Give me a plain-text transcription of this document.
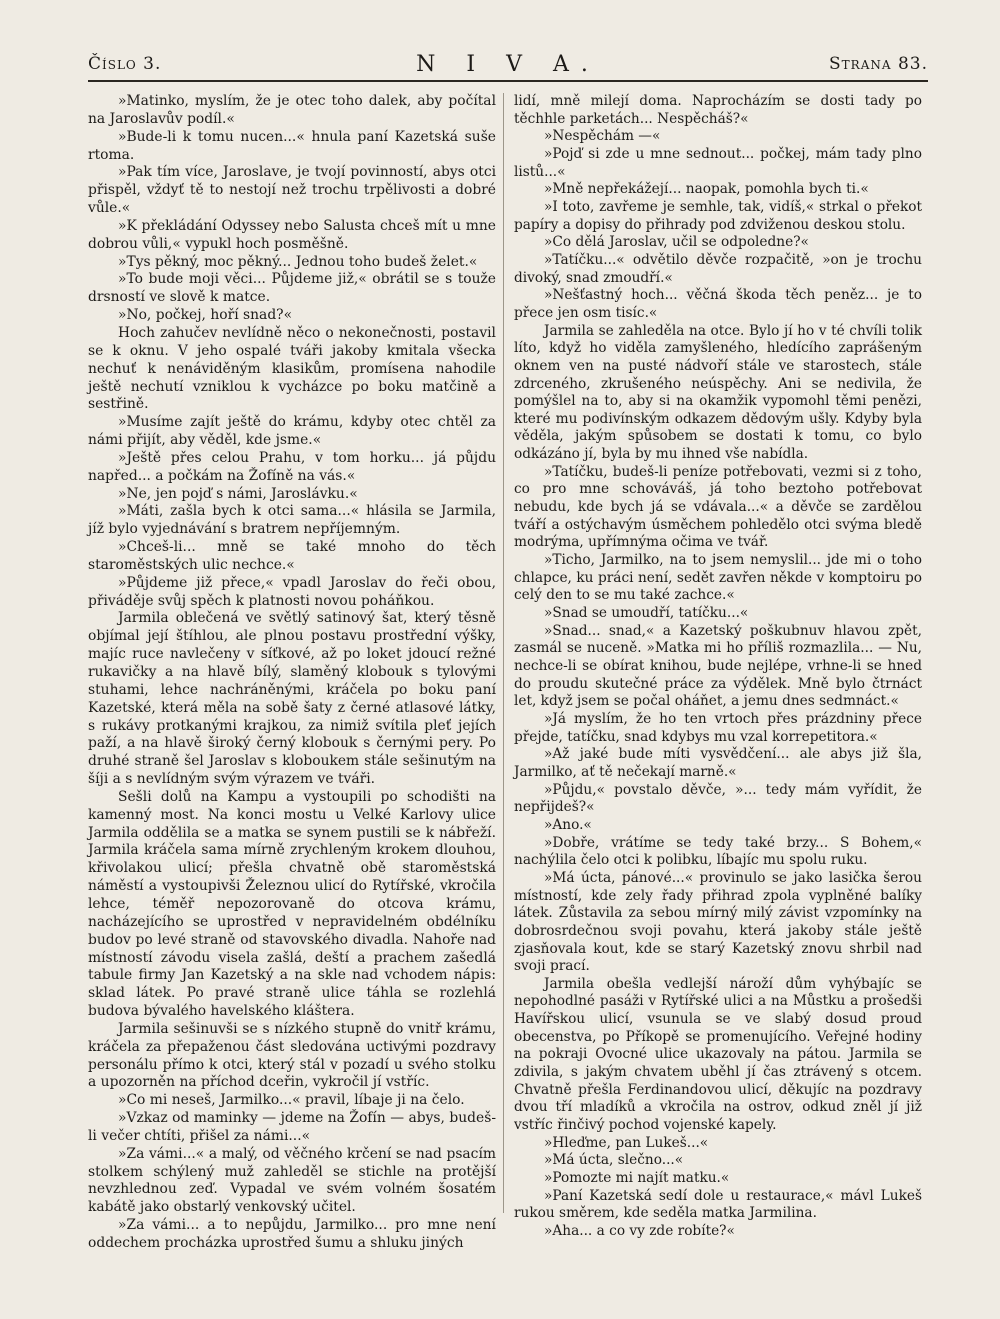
Číslo 3.	N I V A.	Strana 83.

»Matinko, myslím, že je otec toho dalek, aby počítal na Jaroslavův podíl.«

»Bude-li k tomu nucen...« hnula paní Kazetská suše rtoma.

»Pak tím více, Jaroslave, je tvojí povinností, abys otci přispěl, vždyť tě to nestojí než trochu trpělivosti a dobré vůle.«

»K překládání Odyssey nebo Salusta chceš mít u mne dobrou vůli,« vypukl hoch posměšně.

»Tys pěkný, moc pěkný... Jednou toho budeš želet.«

»To bude moji věci... Půjdeme již,« obrátil se s touže drsností ve slově k matce.

»No, počkej, hoří snad?«

Hoch zahučev nevlídně něco o nekonečnosti, postavil se k oknu. V jeho ospalé tváři jakoby kmitala všecka nechuť k nenáviděným klasikům, promísena nahodile ještě nechutí vzniklou k vycházce po boku matčině a sestřině.

»Musíme zajít ještě do krámu, kdyby otec chtěl za námi přijít, aby věděl, kde jsme.«

»Ještě přes celou Prahu, v tom horku... já půjdu napřed... a počkám na Žofíně na vás.«

»Ne, jen pojď s námi, Jaroslávku.«

»Máti, zašla bych k otci sama...« hlásila se Jarmila, jíž bylo vyjednávání s bratrem nepříjemným.

»Chceš-li... mně se také mnoho do těch staroměstských ulic nechce.«

»Půjdeme již přece,« vpadl Jaroslav do řeči obou, přiváděje svůj spěch k platnosti novou poháňkou.

Jarmila oblečená ve světlý satinový šat, který těsně objímal její štíhlou, ale plnou postavu prostřední výšky, majíc ruce navlečeny v síťkové, až po loket jdoucí režné rukavičky a na hlavě bílý, slaměný klobouk s tylovými stuhami, lehce nachráněnými, kráčela po boku paní Kazetské, která měla na sobě šaty z černé atlasové látky, s rukávy protkanými krajkou, za nimiž svítila pleť jejích paží, a na hlavě široký černý klobouk s černými pery. Po druhé straně šel Jaroslav s kloboukem stále sešinutým na šíji a s nevlídným svým výrazem ve tváři.

Sešli dolů na Kampu a vystoupili po schodišti na kamenný most. Na konci mostu u Velké Karlovy ulice Jarmila oddělila se a matka se synem pustili se k nábřeží. Jarmila kráčela sama mírně zrychleným krokem dlouhou, křivolakou ulicí; přešla chvatně obě staroměstská náměstí a vystoupivši Železnou ulicí do Rytířské, vkročila lehce, téměř nepozorovaně do otcova krámu, nacházejícího se uprostřed v nepravidelném obdélníku budov po levé straně od stavovského divadla. Nahoře nad místností závodu visela zašlá, deští a prachem zašedlá tabule firmy Jan Kazetský a na skle nad vchodem nápis: sklad látek. Po pravé straně ulice táhla se rozlehlá budova bývalého havelského kláštera.

Jarmila sešinuvši se s nízkého stupně do vnitř krámu, kráčela za přepaženou část sledována uctivými pozdravy personálu přímo k otci, který stál v pozadí u svého stolku a upozorněn na příchod dceřin, vykročil jí vstříc.

»Co mi neseš, Jarmilko...« pravil, líbaje ji na čelo.

»Vzkaz od maminky — jdeme na Žofín — abys, budeš-li večer chtíti, přišel za námi...«

»Za vámi...« a malý, od věčného krčení se nad psacím stolkem schýlený muž zahleděl se stichle na protější nevzhlednou zeď. Vypadal ve svém volném šosatém kabátě jako obstarlý venkovský učitel.

»Za vámi... a to nepůjdu, Jarmilko... pro mne není oddechem procházka uprostřed šumu a shluku jiných

lidí, mně milejí doma. Naprocházím se dosti tady po těchhle parketách... Nespěcháš?«

»Nespěchám —«

»Pojď si zde u mne sednout... počkej, mám tady plno listů...«

»Mně nepřekážejí... naopak, pomohla bych ti.«

»I toto, zavřeme je semhle, tak, vidíš,« strkal o překot papíry a dopisy do přihrady pod zdviženou deskou stolu.

»Co dělá Jaroslav, učil se odpoledne?«

»Tatíčku...« odvětilo děvče rozpačitě, »on je trochu divoký, snad zmoudří.«

»Nešťastný hoch... věčná škoda těch peněz... je to přece jen osm tisíc.«

Jarmila se zahleděla na otce. Bylo jí ho v té chvíli tolik líto, když ho viděla zamyšleného, hledícího zaprášeným oknem ven na pusté nádvoří stále ve starostech, stále zdrceného, zkrušeného neúspěchy. Ani se nedivila, že pomýšlel na to, aby si na okamžik vypomohl těmi penězi, které mu podivínským odkazem dědovým ušly. Kdyby byla věděla, jakým spůsobem se dostati k tomu, co bylo odkázáno jí, byla by mu ihned vše nabídla.

»Tatíčku, budeš-li peníze potřebovati, vezmi si z toho, co pro mne schováváš, já toho beztoho potřebovat nebudu, kde bych já se vdávala...« a děvče se zardělou tváří a ostýchavým úsměchem pohledělo otci svýma bledě modrýma, upřímnýma očima ve tvář.

»Ticho, Jarmilko, na to jsem nemyslil... jde mi o toho chlapce, ku práci není, sedět zavřen někde v komptoiru po celý den to se mu také zachce.«

»Snad se umoudří, tatíčku...«

»Snad... snad,« a Kazetský poškubnuv hlavou zpět, zasmál se nuceně. »Matka mi ho příliš rozmazlila... — Nu, nechce-li se obírat knihou, bude nejlépe, vrhne-li se hned do proudu skutečné práce za výdělek. Mně bylo čtrnáct let, když jsem se počal oháňet, a jemu dnes sedmnáct.«

»Já myslím, že ho ten vrtoch přes prázdniny přece přejde, tatíčku, snad kdybys mu vzal korrepetitora.«

»Až jaké bude míti vysvědčení... ale abys již šla, Jarmilko, ať tě nečekají marně.«

»Půjdu,« povstalo děvče, »... tedy mám vyřídit, že nepřijdeš?«

»Ano.«

»Dobře, vrátíme se tedy také brzy... S Bohem,« nachýlila čelo otci k polibku, líbajíc mu spolu ruku.

»Má úcta, pánové...« provinulo se jako lasička šerou místností, kde zely řady přihrad zpola vyplněné balíky látek. Zůstavila za sebou mírný milý závist vzpomínky na dobrosrdečnou svoji povahu, která jakoby stále ještě zjasňovala kout, kde se starý Kazetský znovu shrbil nad svoji prací.

Jarmila obešla vedlejší nároží dům vyhýbajíc se nepohodlné pasáži v Rytířské ulici a na Můstku a prošedši Havířskou ulicí, vsunula se ve slabý dosud proud obecenstva, po Příkopě se promenujícího. Veřejné hodiny na pokraji Ovocné ulice ukazovaly na pátou. Jarmila se zdivila, s jakým chvatem uběhl jí čas ztrávený s otcem. Chvatně přešla Ferdinandovou ulicí, děkujíc na pozdravy dvou tří mladíků a vkročila na ostrov, odkud zněl jí již vstříc řinčivý pochod vojenské kapely.

»Hleďme, pan Lukeš...«

»Má úcta, slečno...«

»Pomozte mi najít matku.«

»Paní Kazetská sedí dole u restaurace,« mávl Lukeš rukou směrem, kde seděla matka Jarmilina.

»Aha... a co vy zde robíte?«
